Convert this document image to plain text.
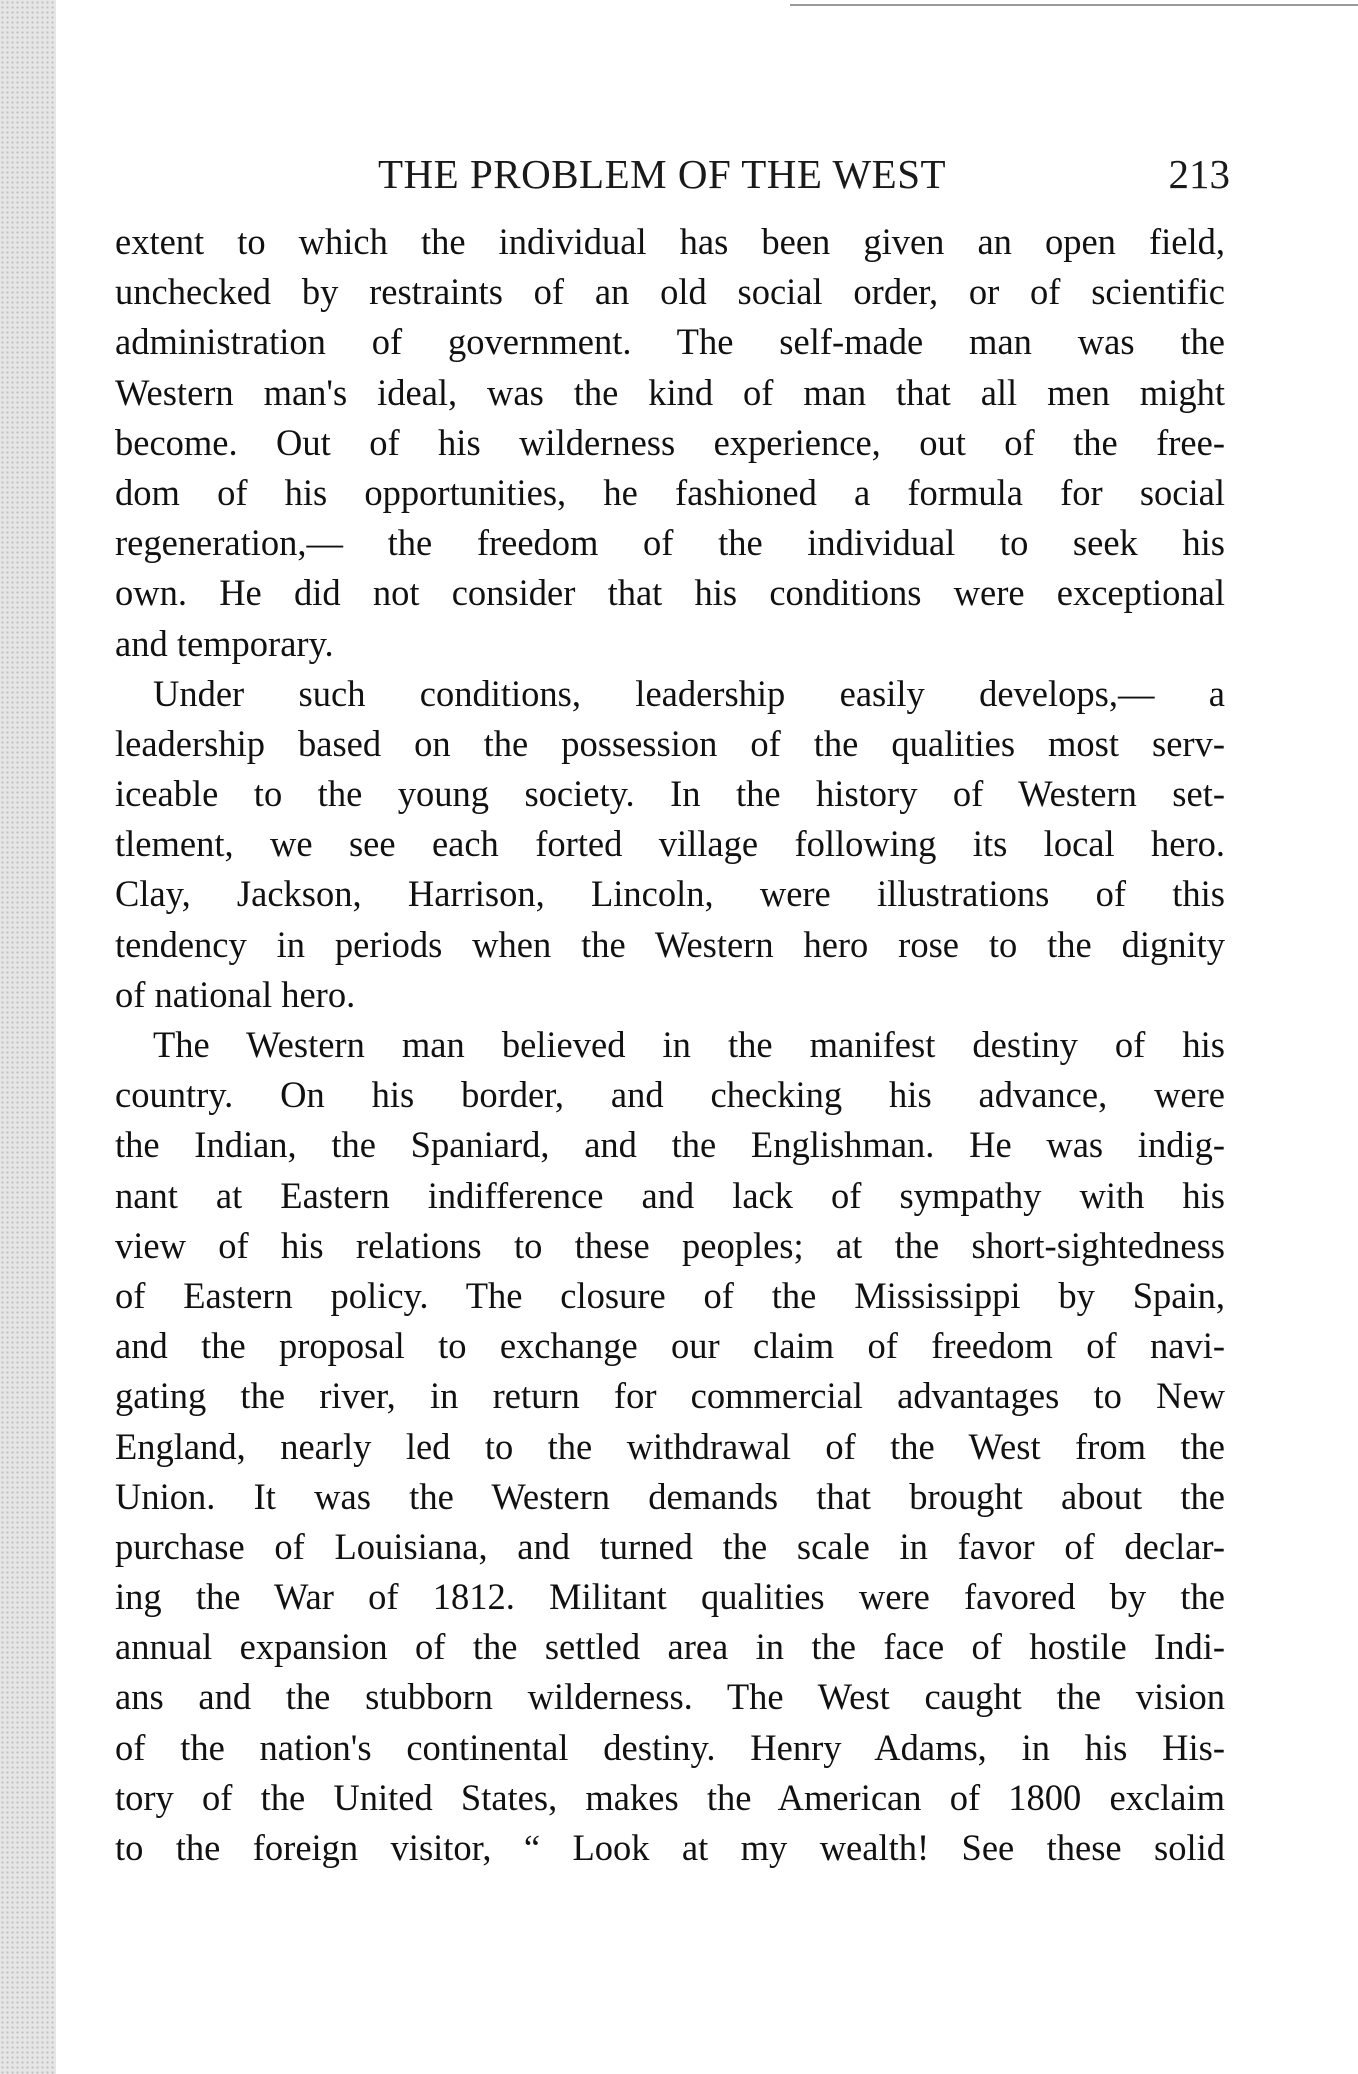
THE PROBLEM OF THE WEST	213
extent to which the individual has been given an open field,
unchecked by restraints of an old social order, or of scientific
administration of government. The self-made man was the
Western man's ideal, was the kind of man that all men might
become. Out of his wilderness experience, out of the free-
dom of his opportunities, he fashioned a formula for social
regeneration,— the freedom of the individual to seek his
own. He did not consider that his conditions were exceptional
and temporary.
Under such conditions, leadership easily develops,— a
leadership based on the possession of the qualities most serv-
iceable to the young society. In the history of Western set-
tlement, we see each forted village following its local hero.
Clay, Jackson, Harrison, Lincoln, were illustrations of this
tendency in periods when the Western hero rose to the dignity
of national hero.
The Western man believed in the manifest destiny of his
country. On his border, and checking his advance, were
the Indian, the Spaniard, and the Englishman. He was indig-
nant at Eastern indifference and lack of sympathy with his
view of his relations to these peoples; at the short-sightedness
of Eastern policy. The closure of the Mississippi by Spain,
and the proposal to exchange our claim of freedom of navi-
gating the river, in return for commercial advantages to New
England, nearly led to the withdrawal of the West from the
Union. It was the Western demands that brought about the
purchase of Louisiana, and turned the scale in favor of declar-
ing the War of 1812. Militant qualities were favored by the
annual expansion of the settled area in the face of hostile Indi-
ans and the stubborn wilderness. The West caught the vision
of the nation's continental destiny. Henry Adams, in his His-
tory of the United States, makes the American of 1800 exclaim
to the foreign visitor, “ Look at my wealth! See these solid
